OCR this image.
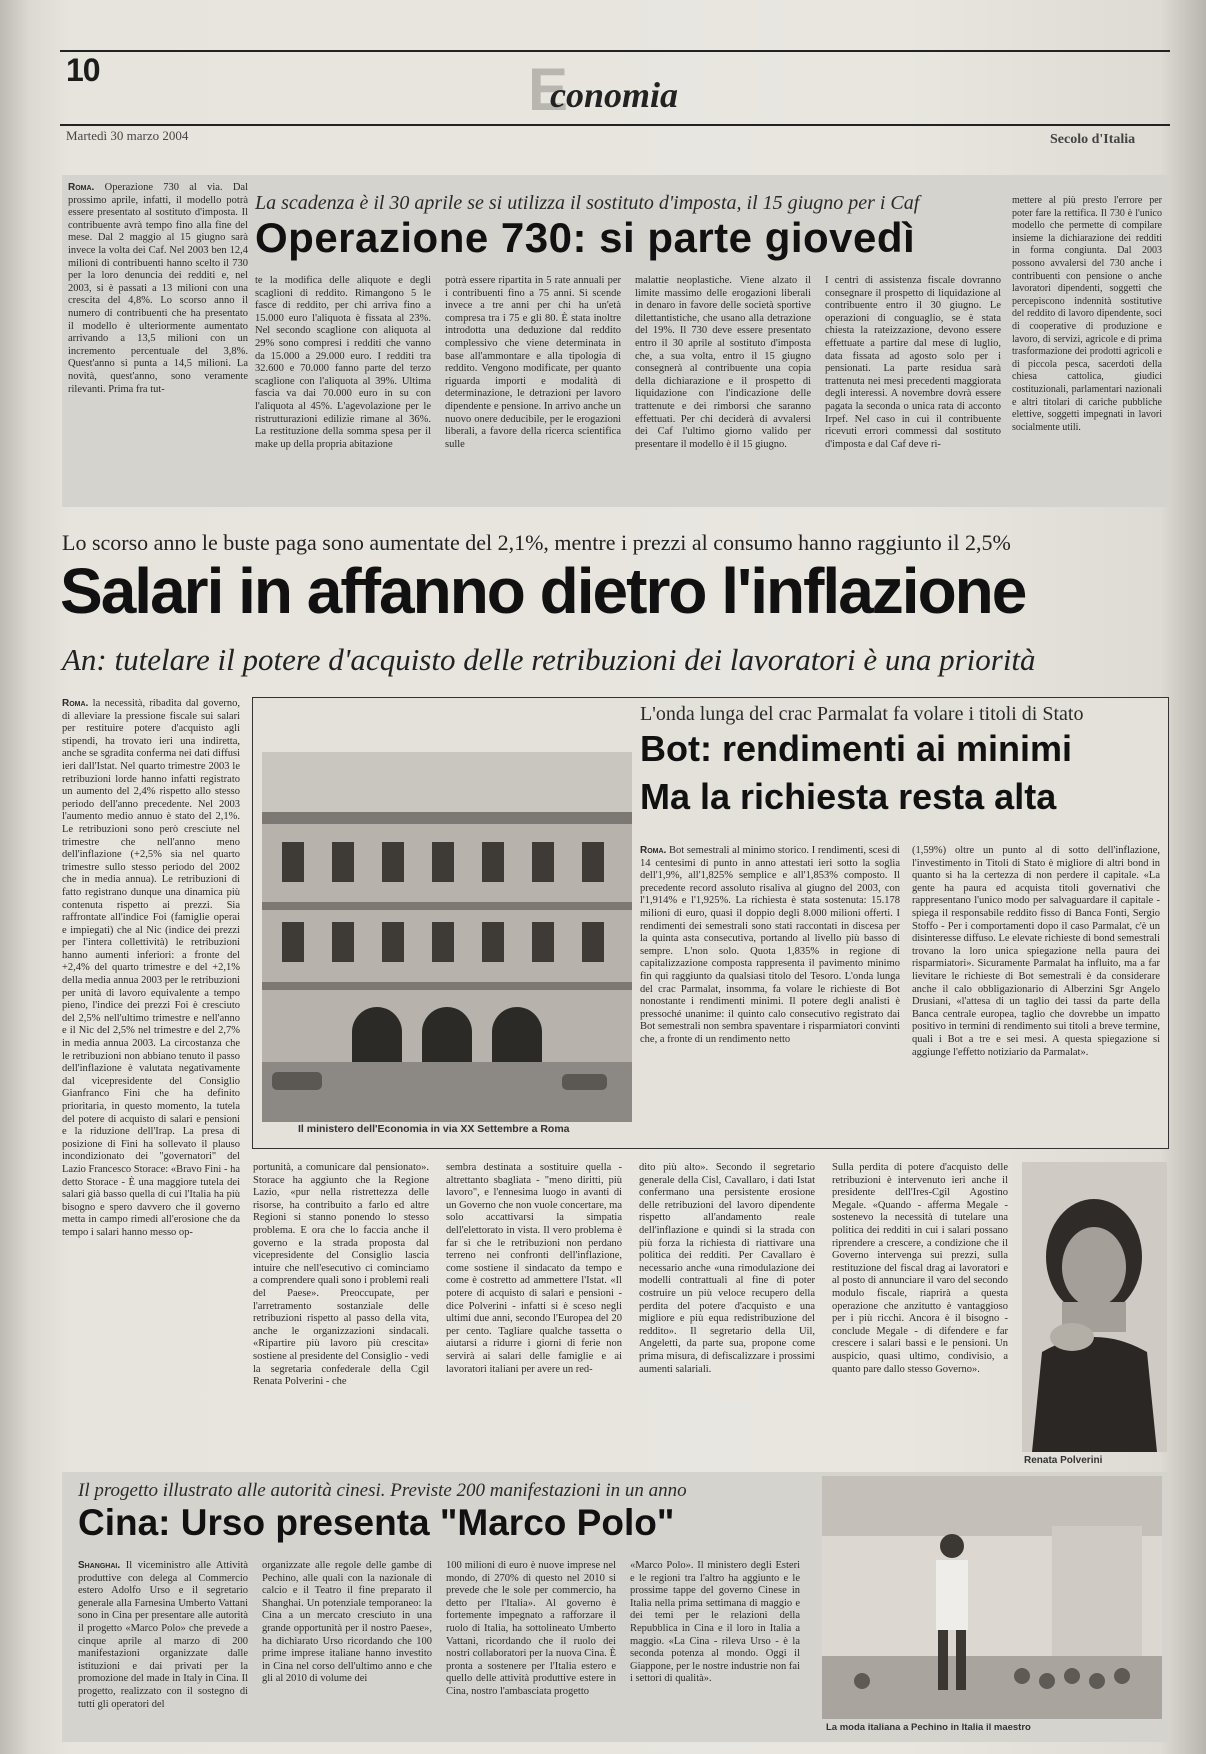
10	E
conomia
Martedì 30 marzo 2004	Secolo d'Italia
Roma. Operazione 730 al via. Dal prossimo aprile, infatti, il modello potrà essere presentato al sostituto d'imposta. Il contribuente avrà tempo fino alla fine del mese. Dal 2 maggio al 15 giugno sarà invece la volta dei Caf. Nel 2003 ben 12,4 milioni di contribuenti hanno scelto il 730 per la loro denuncia dei redditi e, nel 2003, si è passati a 13 milioni con una crescita del 4,8%. Lo scorso anno il numero di contribuenti che ha presentato il modello è ulteriormente aumentato arrivando a 13,5 milioni con un incremento percentuale del 3,8%. Quest'anno si punta a 14,5 milioni. La novità, quest'anno, sono veramente rilevanti. Prima fra tut-
La scadenza è il 30 aprile se si utilizza il sostituto d'imposta, il 15 giugno per i Caf
Operazione 730: si parte giovedì
te la modifica delle aliquote e degli scaglioni di reddito. Rimangono 5 le fasce di reddito, per chi arriva fino a 15.000 euro l'aliquota è fissata al 23%. Nel secondo scaglione con aliquota al 29% sono compresi i redditi che vanno da 15.000 a 29.000 euro. I redditi tra 32.600 e 70.000 fanno parte del terzo scaglione con l'aliquota al 39%. Ultima fascia va dai 70.000 euro in su con l'aliquota al 45%. L'agevolazione per le ristrutturazioni edilizie rimane al 36%. La restituzione della somma spesa per il make up della propria abitazione
potrà essere ripartita in 5 rate annuali per i contribuenti fino a 75 anni. Si scende invece a tre anni per chi ha un'età compresa tra i 75 e gli 80. È stata inoltre introdotta una deduzione dal reddito complessivo che viene determinata in base all'ammontare e alla tipologia di reddito. Vengono modificate, per quanto riguarda importi e modalità di determinazione, le detrazioni per lavoro dipendente e pensione. In arrivo anche un nuovo onere deducibile, per le erogazioni liberali, a favore della ricerca scientifica sulle
malattie neoplastiche. Viene alzato il limite massimo delle erogazioni liberali in denaro in favore delle società sportive dilettantistiche, che usano alla detrazione del 19%. Il 730 deve essere presentato entro il 30 aprile al sostituto d'imposta che, a sua volta, entro il 15 giugno consegnerà al contribuente una copia della dichiarazione e il prospetto di liquidazione con l'indicazione delle trattenute e dei rimborsi che saranno effettuati. Per chi deciderà di avvalersi dei Caf l'ultimo giorno valido per presentare il modello è il 15 giugno.
I centri di assistenza fiscale dovranno consegnare il prospetto di liquidazione al contribuente entro il 30 giugno. Le operazioni di conguaglio, se è stata chiesta la rateizzazione, devono essere effettuate a partire dal mese di luglio, data fissata ad agosto solo per i pensionati. La parte residua sarà trattenuta nei mesi precedenti maggiorata degli interessi. A novembre dovrà essere pagata la seconda o unica rata di acconto Irpef. Nel caso in cui il contribuente ricevuti errori commessi dal sostituto d'imposta e dal Caf deve ri-
mettere al più presto l'errore per poter fare la rettifica. Il 730 è l'unico modello che permette di compilare insieme la dichiarazione dei redditi in forma congiunta. Dal 2003 possono avvalersi del 730 anche i contribuenti con pensione o anche lavoratori dipendenti, soggetti che percepiscono indennità sostitutive del reddito di lavoro dipendente, soci di cooperative di produzione e lavoro, di servizi, agricole e di prima trasformazione dei prodotti agricoli e di piccola pesca, sacerdoti della chiesa cattolica, giudici costituzionali, parlamentari nazionali e altri titolari di cariche pubbliche elettive, soggetti impegnati in lavori socialmente utili.
Lo scorso anno le buste paga sono aumentate del 2,1%, mentre i prezzi al consumo hanno raggiunto il 2,5%
Salari in affanno dietro l'inflazione
An: tutelare il potere d'acquisto delle retribuzioni dei lavoratori è una priorità
Roma. la necessità, ribadita dal governo, di alleviare la pressione fiscale sui salari per restituire potere d'acquisto agli stipendi, ha trovato ieri una indiretta, anche se sgradita conferma nei dati diffusi ieri dall'Istat. Nel quarto trimestre 2003 le retribuzioni lorde hanno infatti registrato un aumento del 2,4% rispetto allo stesso periodo dell'anno precedente. Nel 2003 l'aumento medio annuo è stato del 2,1%. Le retribuzioni sono però cresciute nel trimestre che nell'anno meno dell'inflazione (+2,5% sia nel quarto trimestre sullo stesso periodo del 2002 che in media annua). Le retribuzioni di fatto registrano dunque una dinamica più contenuta rispetto ai prezzi. Sia raffrontate all'indice Foi (famiglie operai e impiegati) che al Nic (indice dei prezzi per l'intera collettività) le retribuzioni hanno aumenti inferiori: a fronte del +2,4% del quarto trimestre e del +2,1% della media annua 2003 per le retribuzioni per unità di lavoro equivalente a tempo pieno, l'indice dei prezzi Foi è cresciuto del 2,5% nell'ultimo trimestre e nell'anno e il Nic del 2,5% nel trimestre e del 2,7% in media annua 2003. La circostanza che le retribuzioni non abbiano tenuto il passo dell'inflazione è valutata negativamente dal vicepresidente del Consiglio Gianfranco Fini che ha definito prioritaria, in questo momento, la tutela del potere di acquisto di salari e pensioni e la riduzione dell'Irap. La presa di posizione di Fini ha sollevato il plauso incondizionato dei "governatori" del Lazio Francesco Storace: «Bravo Fini - ha detto Storace - È una maggiore tutela dei salari già basso quella di cui l'Italia ha più bisogno e spero davvero che il governo metta in campo rimedi all'erosione che da tempo i salari hanno messo op-
Il ministero dell'Economia in via XX Settembre a Roma
L'onda lunga del crac Parmalat fa volare i titoli di Stato
Bot: rendimenti ai minimi
Ma la richiesta resta alta
Roma. Bot semestrali al minimo storico. I rendimenti, scesi di 14 centesimi di punto in anno attestati ieri sotto la soglia dell'1,9%, all'1,825% semplice e all'1,853% composto. Il precedente record assoluto risaliva al giugno del 2003, con l'1,914% e l'1,925%. La richiesta è stata sostenuta: 15.178 milioni di euro, quasi il doppio degli 8.000 milioni offerti. I rendimenti dei semestrali sono stati raccontati in discesa per la quinta asta consecutiva, portando al livello più basso di sempre. L'non solo. Quota 1,835% in regione di capitalizzazione composta rappresenta il pavimento minimo fin qui raggiunto da qualsiasi titolo del Tesoro. L'onda lunga del crac Parmalat, insomma, fa volare le richieste di Bot nonostante i rendimenti minimi. Il potere degli analisti è pressoché unanime: il quinto calo consecutivo registrato dai Bot semestrali non sembra spaventare i risparmiatori convinti che, a fronte di un rendimento netto
(1,59%) oltre un punto al di sotto dell'inflazione, l'investimento in Titoli di Stato è migliore di altri bond in quanto si ha la certezza di non perdere il capitale. «La gente ha paura ed acquista titoli governativi che rappresentano l'unico modo per salvaguardare il capitale - spiega il responsabile reddito fisso di Banca Fonti, Sergio Stoffo - Per i comportamenti dopo il caso Parmalat, c'è un disinteresse diffuso. Le elevate richieste di bond semestrali trovano la loro unica spiegazione nella paura dei risparmiatori». Sicuramente Parmalat ha influito, ma a far lievitare le richieste di Bot semestrali è da considerare anche il calo obbligazionario di Alberzini Sgr Angelo Drusiani, «l'attesa di un taglio dei tassi da parte della Banca centrale europea, taglio che dovrebbe un impatto positivo in termini di rendimento sui titoli a breve termine, quali i Bot a tre e sei mesi. A questa spiegazione si aggiunge l'effetto notiziario da Parmalat».
portunità, a comunicare dal pensionato». Storace ha aggiunto che la Regione Lazio, «pur nella ristrettezza delle risorse, ha contribuito a farlo ed altre Regioni si stanno ponendo lo stesso problema. E ora che lo faccia anche il governo e la strada proposta dal vicepresidente del Consiglio lascia intuire che nell'esecutivo ci cominciamo a comprendere quali sono i problemi reali del Paese». Preoccupate, per l'arretramento sostanziale delle retribuzioni rispetto al passo della vita, anche le organizzazioni sindacali. «Ripartire più lavoro più crescita» sostiene al presidente del Consiglio - vedi la segretaria confederale della Cgil Renata Polverini - che
sembra destinata a sostituire quella - altrettanto sbagliata - "meno diritti, più lavoro", e l'ennesima luogo in avanti di un Governo che non vuole concertare, ma solo accattivarsi la simpatia dell'elettorato in vista. Il vero problema è far sì che le retribuzioni non perdano terreno nei confronti dell'inflazione, come sostiene il sindacato da tempo e come è costretto ad ammettere l'Istat. «Il potere di acquisto di salari e pensioni - dice Polverini - infatti si è sceso negli ultimi due anni, secondo l'Europea del 20 per cento. Tagliare qualche tassetta o aiutarsi a ridurre i giorni di ferie non servirà ai salari delle famiglie e ai lavoratori italiani per avere un red-
dito più alto». Secondo il segretario generale della Cisl, Cavallaro, i dati Istat confermano una persistente erosione delle retribuzioni del lavoro dipendente rispetto all'andamento reale dell'inflazione e quindi si la strada con più forza la richiesta di riattivare una politica dei redditi. Per Cavallaro è necessario anche «una rimodulazione dei modelli contrattuali al fine di poter costruire un più veloce recupero della perdita del potere d'acquisto e una migliore e più equa redistribuzione del reddito». Il segretario della Uil, Angeletti, da parte sua, propone come prima misura, di defiscalizzare i prossimi aumenti salariali.
Sulla perdita di potere d'acquisto delle retribuzioni è intervenuto ieri anche il presidente dell'Ires-Cgil Agostino Megale. «Quando - afferma Megale - sostenevo la necessità di tutelare una politica dei redditi in cui i salari possano riprendere a crescere, a condizione che il Governo intervenga sui prezzi, sulla restituzione del fiscal drag ai lavoratori e al posto di annunciare il varo del secondo modulo fiscale, riaprirà a questa operazione che anzitutto è vantaggioso per i più ricchi. Ancora è il bisogno - conclude Megale - di difendere e far crescere i salari bassi e le pensioni. Un auspicio, quasi ultimo, condivisio, a quanto pare dallo stesso Governo».
Renata Polverini
Il progetto illustrato alle autorità cinesi. Previste 200 manifestazioni in un anno
Cina: Urso presenta "Marco Polo"
Shanghai. Il viceministro alle Attività produttive con delega al Commercio estero Adolfo Urso e il segretario generale alla Farnesina Umberto Vattani sono in Cina per presentare alle autorità il progetto «Marco Polo» che prevede a cinque aprile al marzo di 200 manifestazioni organizzate dalle istituzioni e dai privati per la promozione del made in Italy in Cina. Il progetto, realizzato con il sostegno di tutti gli operatori del
organizzate alle regole delle gambe di Pechino, alle quali con la nazionale di calcio e il Teatro il fine preparato il Shanghai. Un potenziale temporaneo: la Cina a un mercato cresciuto in una grande opportunità per il nostro Paese», ha dichiarato Urso ricordando che 100 prime imprese italiane hanno investito in Cina nel corso dell'ultimo anno e che gli al 2010 di volume dei
100 milioni di euro è nuove imprese nel mondo, di 270% di questo nel 2010 si prevede che le sole per commercio, ha detto per l'Italia». Al governo è fortemente impegnato a rafforzare il ruolo di Italia, ha sottolineato Umberto Vattani, ricordando che il ruolo dei nostri collaboratori per la nuova Cina. È pronta a sostenere per l'Italia estero e quello delle attività produttive estere in Cina, nostro l'ambasciata progetto
«Marco Polo». Il ministero degli Esteri e le regioni tra l'altro ha aggiunto e le prossime tappe del governo Cinese in Italia nella prima settimana di maggio e dei temi per le relazioni della Repubblica in Cina e il loro in Italia a maggio. «La Cina - rileva Urso - è la seconda potenza al mondo. Oggi il Giappone, per le nostre industrie non fai i settori di qualità».
La moda italiana a Pechino in Italia il maestro
